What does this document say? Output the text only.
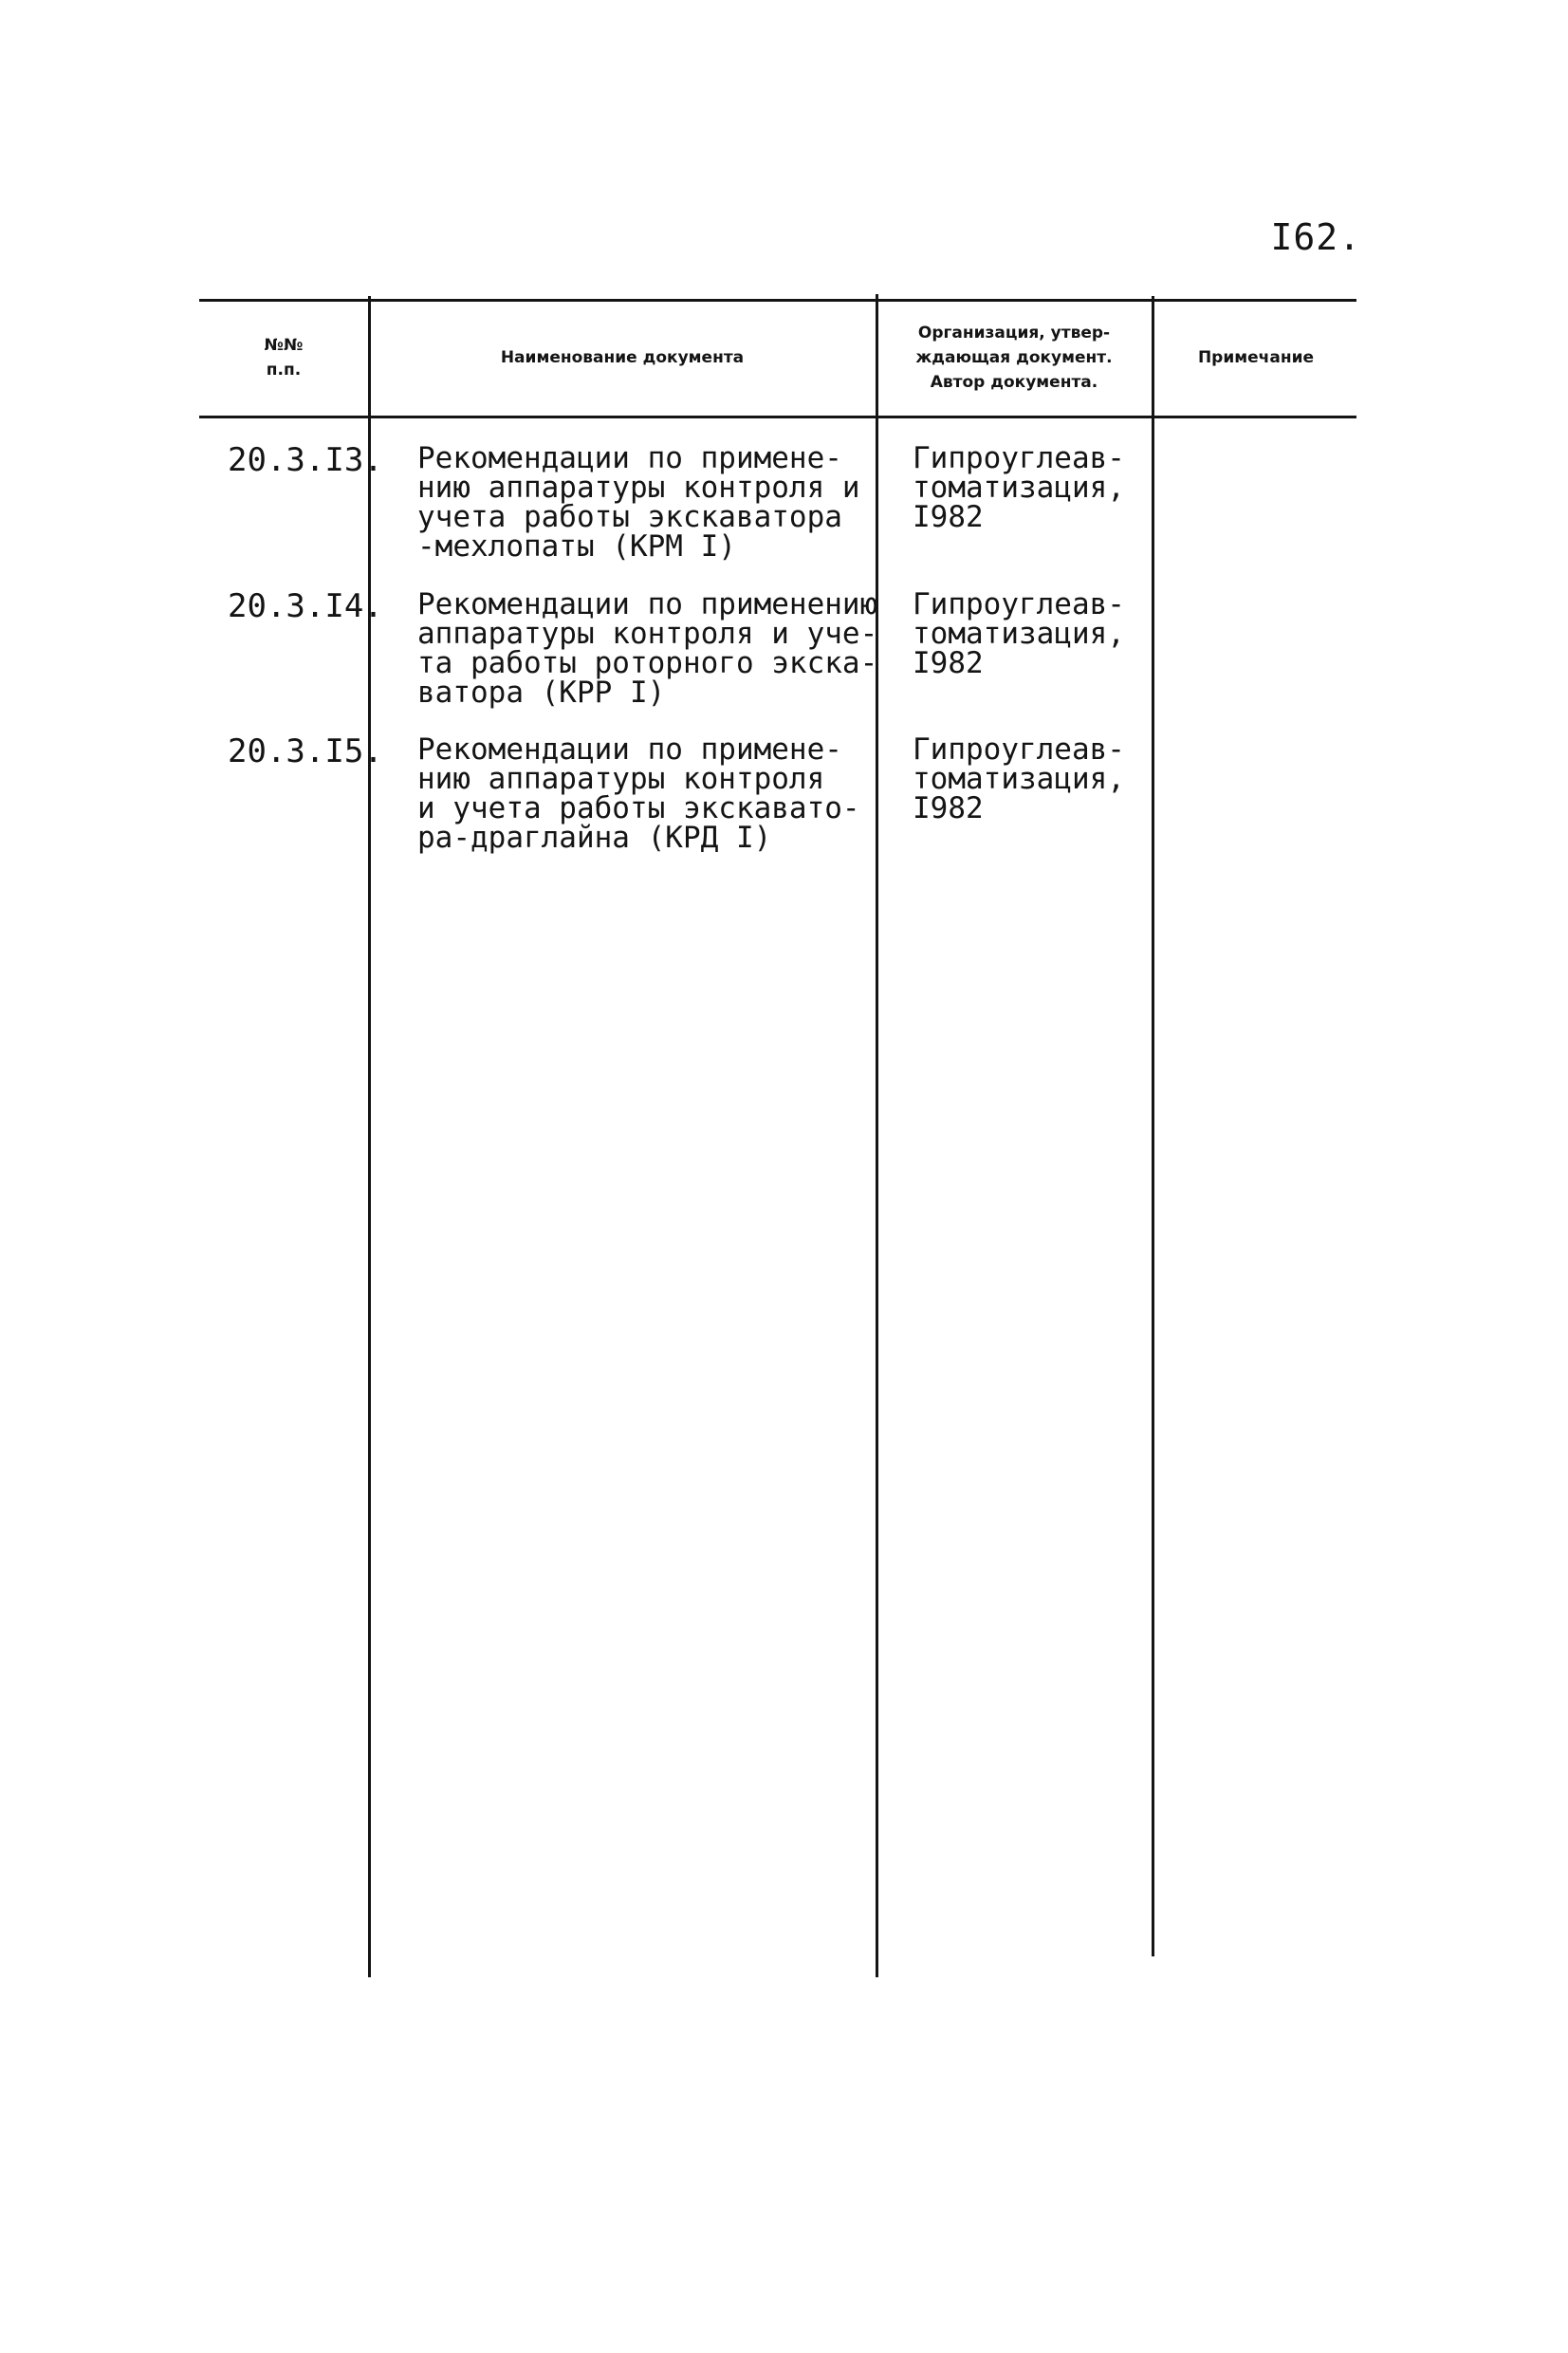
I62.
№№
п.п.
Наименование документа
Организация, утвер-
ждающая документ.
Автор документа.
Примечание
20.3.I3. Рекомендации по примене-
нию аппаратуры контроля и
учета работы экскаватора
-мехлопаты (КРМ I)
Гипроуглеав-
томатизация,
I982
20.3.I4. Рекомендации по применению
аппаратуры контроля и уче-
та работы роторного экска-
ватора (КРР I)
Гипроуглеав-
томатизация,
I982
20.3.I5. Рекомендации по примене-
нию аппаратуры контроля
и учета работы экскавато-
ра-драглайна (КРД I)
Гипроуглеав-
томатизация,
I982
